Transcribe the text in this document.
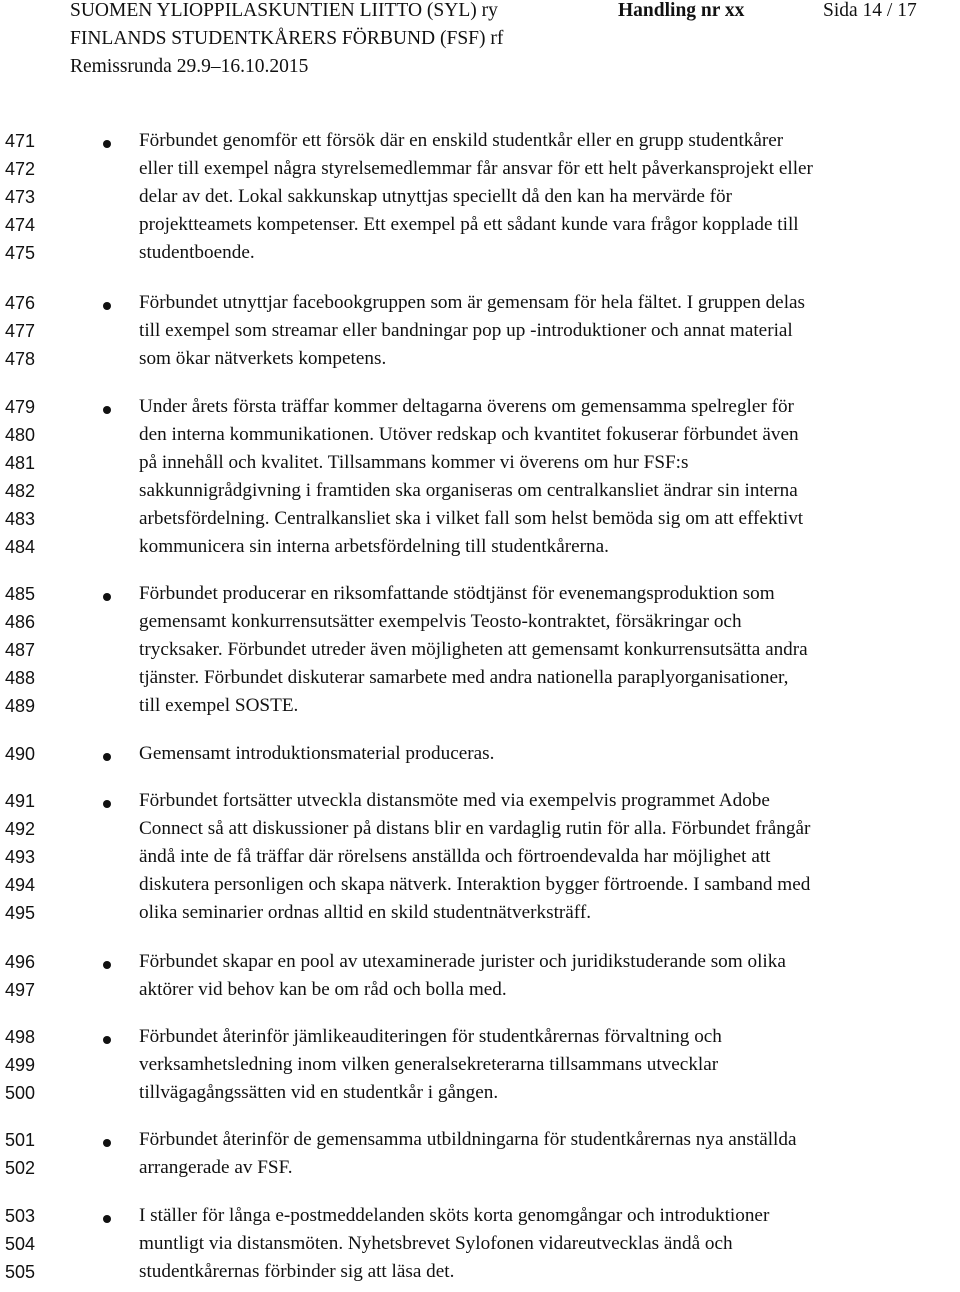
SUOMEN YLIOPPILASKUNTIEN LIITTO (SYL) ry
FINLANDS STUDENTKÅRERS FÖRBUND (FSF) rf
Remissrunda 29.9–16.10.2015
Handling nr xx	Sida 14 / 17
471	Förbundet genomför ett försök där en enskild studentkår eller en grupp studentkårer
472	eller till exempel några styrelsemedlemmar får ansvar för ett helt påverkansprojekt eller
473	delar av det. Lokal sakkunskap utnyttjas speciellt då den kan ha mervärde för
474	projektteamets kompetenser. Ett exempel på ett sådant kunde vara frågor kopplade till
475	studentboende.
476	Förbundet utnyttjar facebookgruppen som är gemensam för hela fältet. I gruppen delas
477	till exempel som streamar eller bandningar pop up -introduktioner och annat material
478	som ökar nätverkets kompetens.
479	Under årets första träffar kommer deltagarna överens om gemensamma spelregler för
480	den interna kommunikationen. Utöver redskap och kvantitet fokuserar förbundet även
481	på innehåll och kvalitet. Tillsammans kommer vi överens om hur FSF:s
482	sakkunnigrådgivning i framtiden ska organiseras om centralkansliet ändrar sin interna
483	arbetsfördelning. Centralkansliet ska i vilket fall som helst bemöda sig om att effektivt
484	kommunicera sin interna arbetsfördelning till studentkårerna.
485	Förbundet producerar en riksomfattande stödtjänst för evenemangsproduktion som
486	gemensamt konkurrensutsätter exempelvis Teosto-kontraktet, försäkringar och
487	trycksaker. Förbundet utreder även möjligheten att gemensamt konkurrensutsätta andra
488	tjänster. Förbundet diskuterar samarbete med andra nationella paraplyorganisationer,
489	till exempel SOSTE.
490	Gemensamt introduktionsmaterial produceras.
491	Förbundet fortsätter utveckla distansmöte med via exempelvis programmet Adobe
492	Connect så att diskussioner på distans blir en vardaglig rutin för alla. Förbundet frångår
493	ändå inte de få träffar där rörelsens anställda och förtroendevalda har möjlighet att
494	diskutera personligen och skapa nätverk. Interaktion bygger förtroende. I samband med
495	olika seminarier ordnas alltid en skild studentnätverksträff.
496	Förbundet skapar en pool av utexaminerade jurister och juridikstuderande som olika
497	aktörer vid behov kan be om råd och bolla med.
498	Förbundet återinför jämlikeauditeringen för studentkårernas förvaltning och
499	verksamhetsledning inom vilken generalsekreterarna tillsammans utvecklar
500	tillvägagångssätten vid en studentkår i gången.
501	Förbundet återinför de gemensamma utbildningarna för studentkårernas nya anställda
502	arrangerade av FSF.
503	I ställer för långa e-postmeddelanden sköts korta genomgångar och introduktioner
504	muntligt via distansmöten. Nyhetsbrevet Sylofonen vidareutvecklas ändå och
505	studentkårernas förbinder sig att läsa det.
